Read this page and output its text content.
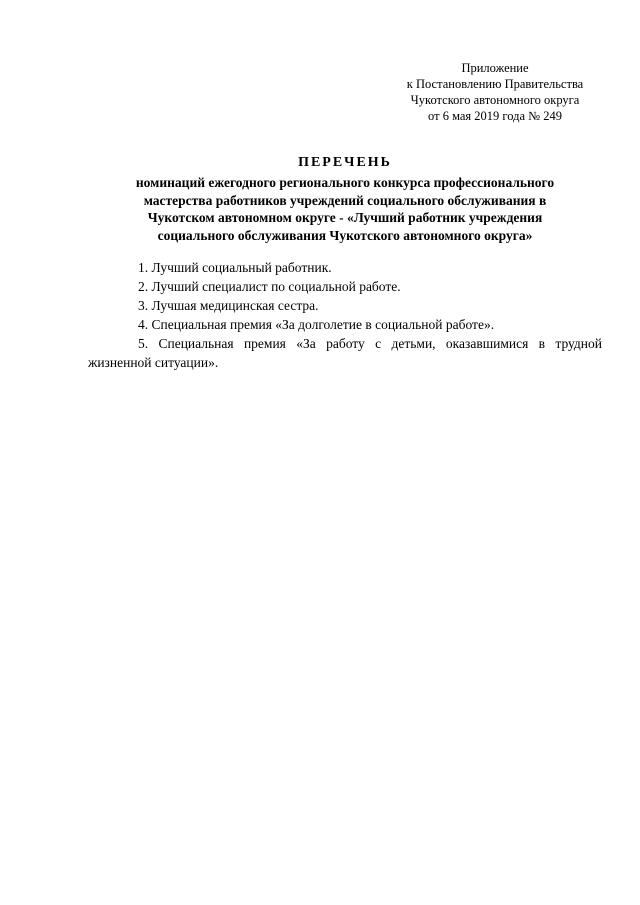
Приложение
к Постановлению Правительства
Чукотского автономного округа
от 6 мая 2019 года № 249
ПЕРЕЧЕНЬ
номинаций ежегодного регионального конкурса профессионального
мастерства работников учреждений социального обслуживания в
Чукотском автономном округе - «Лучший работник учреждения
социального обслуживания Чукотского автономного округа»
1. Лучший социальный работник.
2. Лучший специалист по социальной работе.
3. Лучшая медицинская сестра.
4. Специальная премия «За долголетие в социальной работе».
5. Специальная премия «За работу с детьми, оказавшимися в трудной
жизненной ситуации».
